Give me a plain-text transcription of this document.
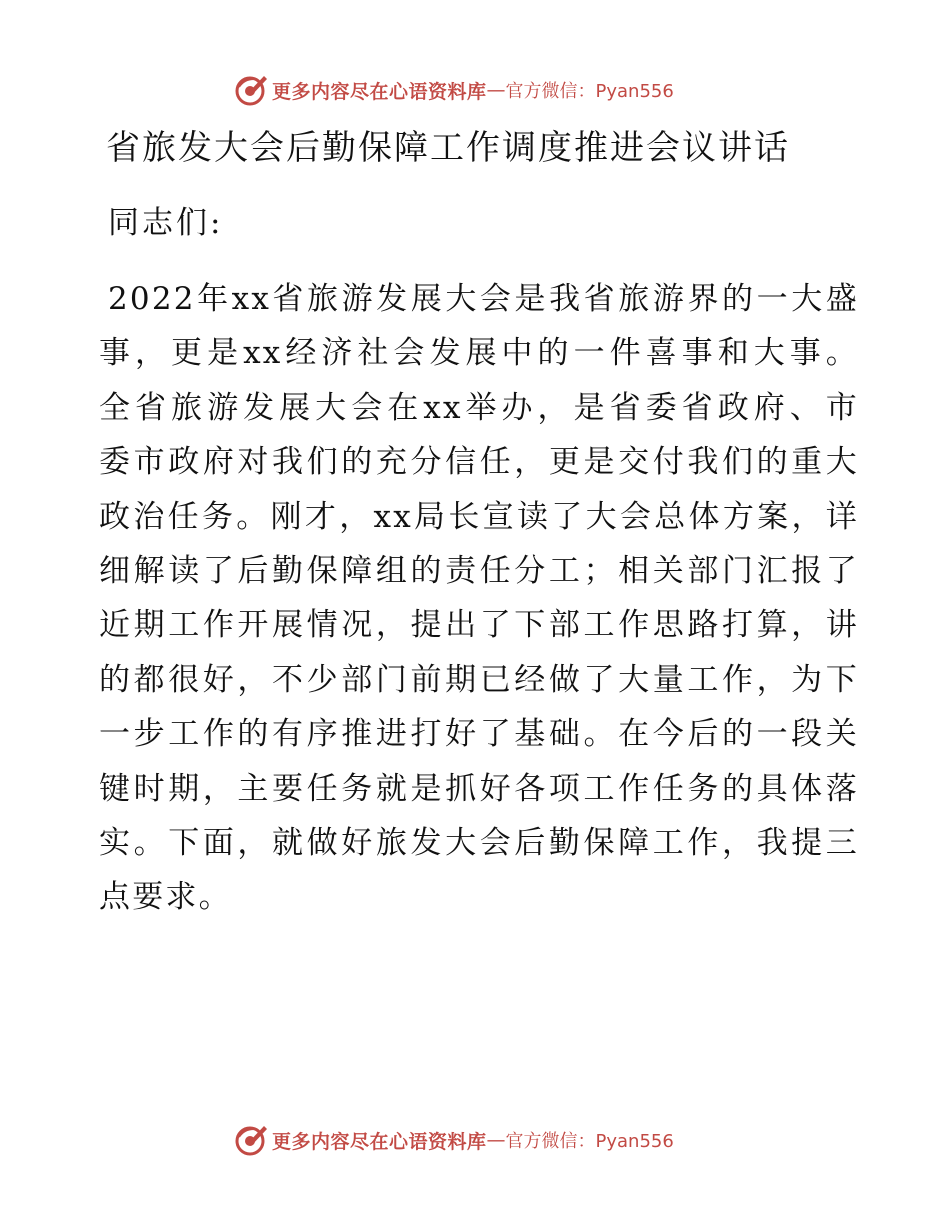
更多内容尽在心语资料库 — 官方微信：Pyan556
省旅发大会后勤保障工作调度推进会议讲话
同志们:
2022年xx省旅游发展大会是我省旅游界的一大盛
事，更是xx经济社会发展中的一件喜事和大事。
全省旅游发展大会在xx举办，是省委省政府、市
委市政府对我们的充分信任，更是交付我们的重大
政治任务。刚才，xx局长宣读了大会总体方案，详
细解读了后勤保障组的责任分工；相关部门汇报了
近期工作开展情况，提出了下部工作思路打算，讲
的都很好，不少部门前期已经做了大量工作，为下
一步工作的有序推进打好了基础。在今后的一段关
键时期，主要任务就是抓好各项工作任务的具体落
实。下面，就做好旅发大会后勤保障工作，我提三
点要求。
更多内容尽在心语资料库 — 官方微信：Pyan556
